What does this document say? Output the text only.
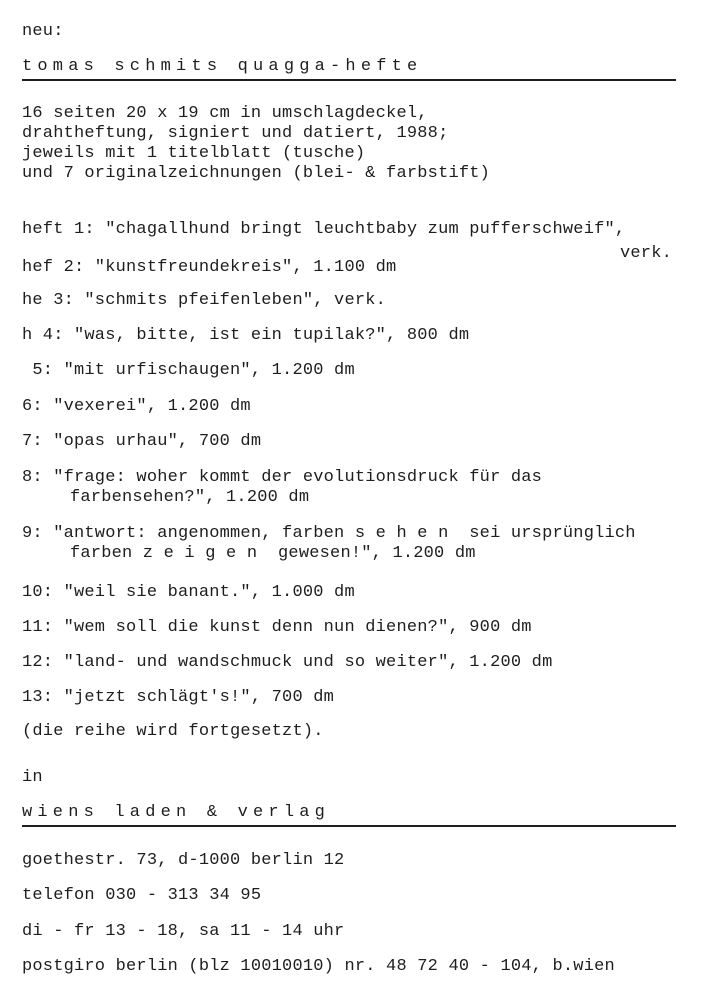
neu:
tomas schmits quagga-hefte
16 seiten 20 x 19 cm in umschlagdeckel,
drahtheftung, signiert und datiert, 1988;
jeweils mit 1 titelblatt (tusche)
und 7 originalzeichnungen (blei- & farbstift)
heft 1: "chagallhund bringt leuchtbaby zum pufferschweif",
verk.
hef 2: "kunstfreundekreis", 1.100 dm
he 3: "schmits pfeifenleben", verk.
h 4: "was, bitte, ist ein tupilak?", 800 dm
5: "mit urfischaugen", 1.200 dm
6: "vexerei", 1.200 dm
7: "opas urhau", 700 dm
8: "frage: woher kommt der evolutionsdruck für das
farbensehen?", 1.200 dm
9: "antwort: angenommen, farben s e h e n  sei ursprünglich
farben z e i g e n  gewesen!", 1.200 dm
10: "weil sie banant.", 1.000 dm
11: "wem soll die kunst denn nun dienen?", 900 dm
12: "land- und wandschmuck und so weiter", 1.200 dm
13: "jetzt schlägt's!", 700 dm
(die reihe wird fortgesetzt).
in
wiens laden & verlag
goethestr. 73, d-1000 berlin 12
telefon 030 - 313 34 95
di - fr 13 - 18, sa 11 - 14 uhr
postgiro berlin (blz 10010010) nr. 48 72 40 - 104, b.wien
